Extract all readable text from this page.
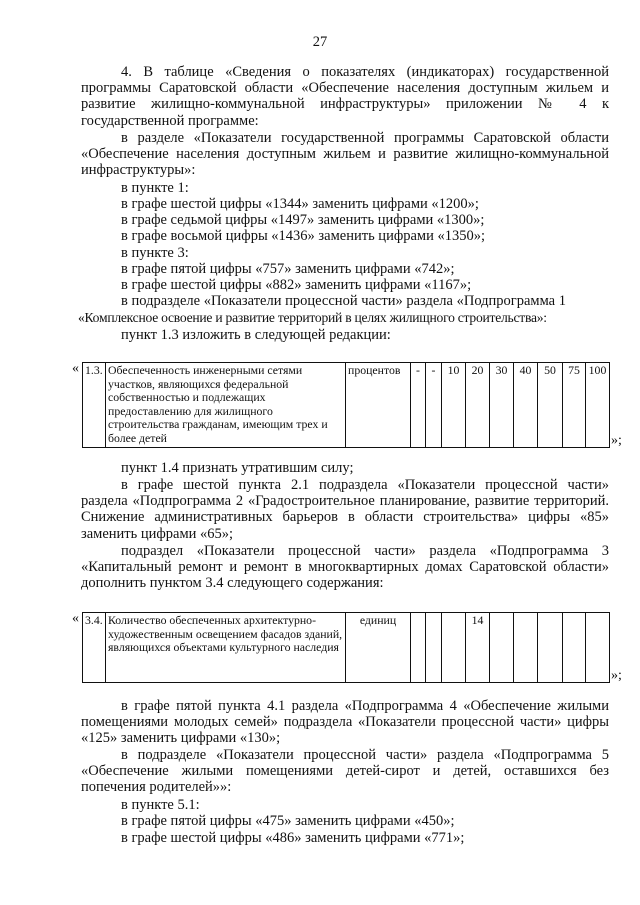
27
4. В таблице «Сведения о показателях (индикаторах) государственной программы Саратовской области «Обеспечение населения доступным жильем и развитие жилищно-коммунальной инфраструктуры» приложении № 4 к государственной программе:
в разделе «Показатели государственной программы Саратовской области «Обеспечение населения доступным жильем и развитие жилищно-коммунальной инфраструктуры»:
в пункте 1:
в графе шестой цифры «1344» заменить цифрами «1200»;
в графе седьмой цифры «1497» заменить цифрами «1300»;
в графе восьмой цифры «1436» заменить цифрами «1350»;
в пункте 3:
в графе пятой цифры «757» заменить цифрами «742»;
в графе шестой цифры «882» заменить цифрами «1167»;
в подразделе «Показатели процессной части» раздела «Подпрограмма 1
«Комплексное освоение и развитие территорий в целях жилищного строительства»:
пункт 1.3 изложить в следующей редакции:
« 1.3.	Обеспеченность инженерными сетями участков, являющихся федеральной собственностью и подлежащих предоставлению для жилищного строительства гражданам, имеющим трех и более детей	процентов	-	-	10	20	30	40	50	75	100
»;
пункт 1.4 признать утратившим силу;
в графе шестой пункта 2.1 подраздела «Показатели процессной части» раздела «Подпрограмма 2 «Градостроительное планирование, развитие территорий. Снижение административных барьеров в области строительства» цифры «85» заменить цифрами «65»;
подраздел «Показатели процессной части» раздела «Подпрограмма 3 «Капитальный ремонт и ремонт в многоквартирных домах Саратовской области» дополнить пунктом 3.4 следующего содержания:
« 3.4.	Количество обеспеченных архитектурно-художественным освещением фасадов зданий, являющихся объектами культурного наследия	единиц				14					
»;
в графе пятой пункта 4.1 раздела «Подпрограмма 4 «Обеспечение жилыми помещениями молодых семей» подраздела «Показатели процессной части» цифры «125» заменить цифрами «130»;
в подразделе «Показатели процессной части» раздела «Подпрограмма 5 «Обеспечение жилыми помещениями детей-сирот и детей, оставшихся без попечения родителей»»:
в пункте 5.1:
в графе пятой цифры «475» заменить цифрами «450»;
в графе шестой цифры «486» заменить цифрами «771»;
